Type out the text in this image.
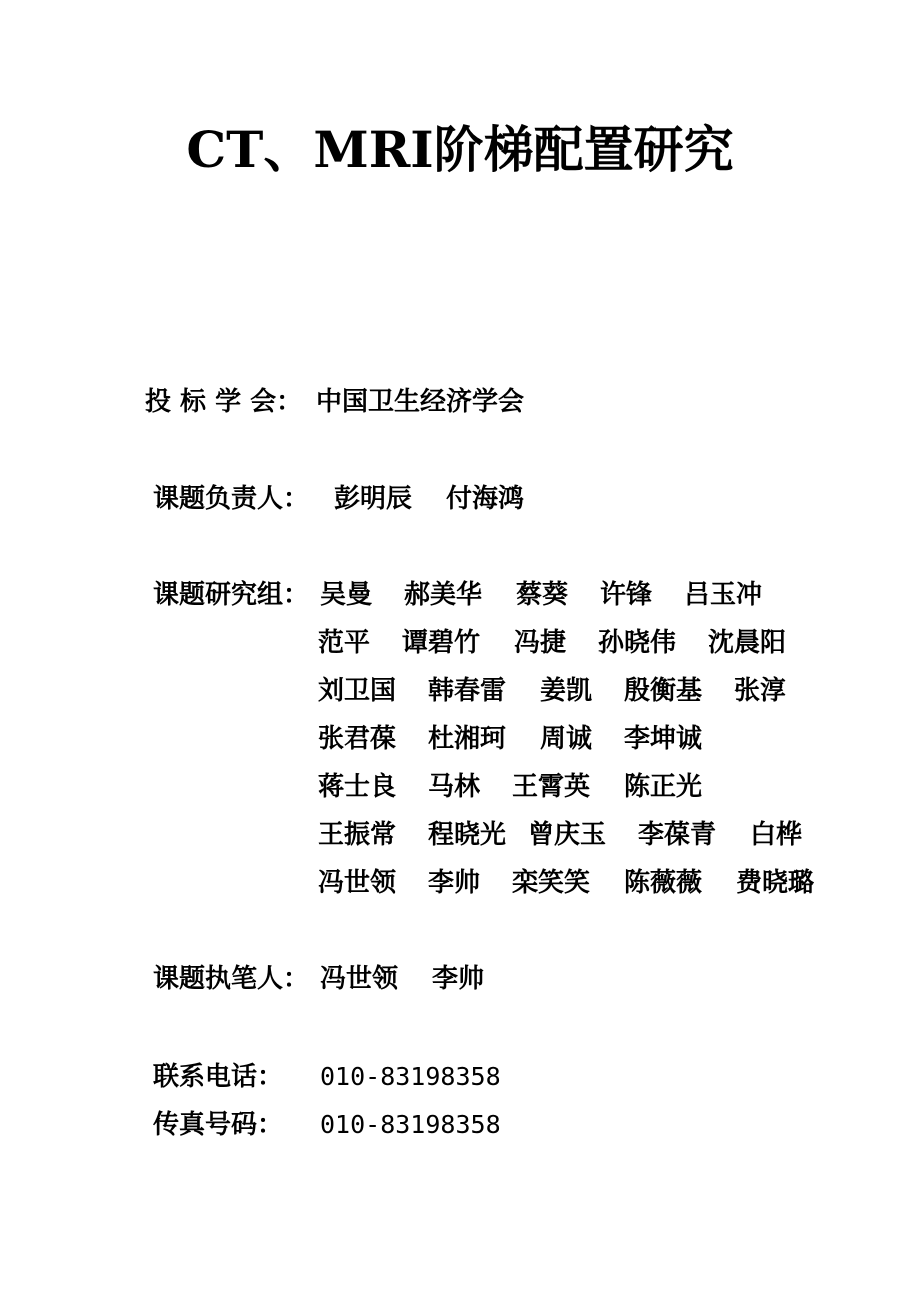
CT、MRI阶梯配置研究
投 标 学 会： 中国卫生经济学会
课题负责人： 彭明辰 付海鸿
课题研究组： 吴曼 郝美华 蔡葵 许锋 吕玉冲
范平 谭碧竹 冯捷 孙晓伟 沈晨阳
刘卫国 韩春雷 姜凯 殷衡基 张淳
张君葆 杜湘珂 周诚 李坤诚
蒋士良 马林 王霄英 陈正光
王振常 程晓光 曾庆玉 李葆青 白桦
冯世领 李帅 栾笑笑 陈薇薇 费晓璐
课题执笔人： 冯世领 李帅
联系电话： 010-83198358
传真号码： 010-83198358
